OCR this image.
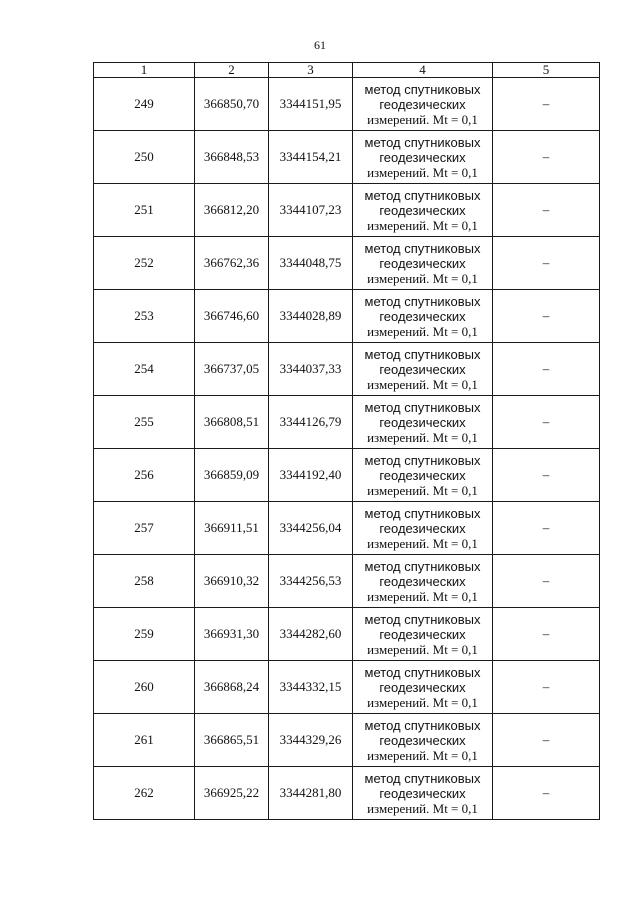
61
1	2	3	4	5
249	366850,70	3344151,95	метод спутниковых
геодезических
измерений. Mt = 0,1	–
250	366848,53	3344154,21	метод спутниковых
геодезических
измерений. Mt = 0,1	–
251	366812,20	3344107,23	метод спутниковых
геодезических
измерений. Mt = 0,1	–
252	366762,36	3344048,75	метод спутниковых
геодезических
измерений. Mt = 0,1	–
253	366746,60	3344028,89	метод спутниковых
геодезических
измерений. Mt = 0,1	–
254	366737,05	3344037,33	метод спутниковых
геодезических
измерений. Mt = 0,1	–
255	366808,51	3344126,79	метод спутниковых
геодезических
измерений. Mt = 0,1	–
256	366859,09	3344192,40	метод спутниковых
геодезических
измерений. Mt = 0,1	–
257	366911,51	3344256,04	метод спутниковых
геодезических
измерений. Mt = 0,1	–
258	366910,32	3344256,53	метод спутниковых
геодезических
измерений. Mt = 0,1	–
259	366931,30	3344282,60	метод спутниковых
геодезических
измерений. Mt = 0,1	–
260	366868,24	3344332,15	метод спутниковых
геодезических
измерений. Mt = 0,1	–
261	366865,51	3344329,26	метод спутниковых
геодезических
измерений. Mt = 0,1	–
262	366925,22	3344281,80	метод спутниковых
геодезических
измерений. Mt = 0,1	–
